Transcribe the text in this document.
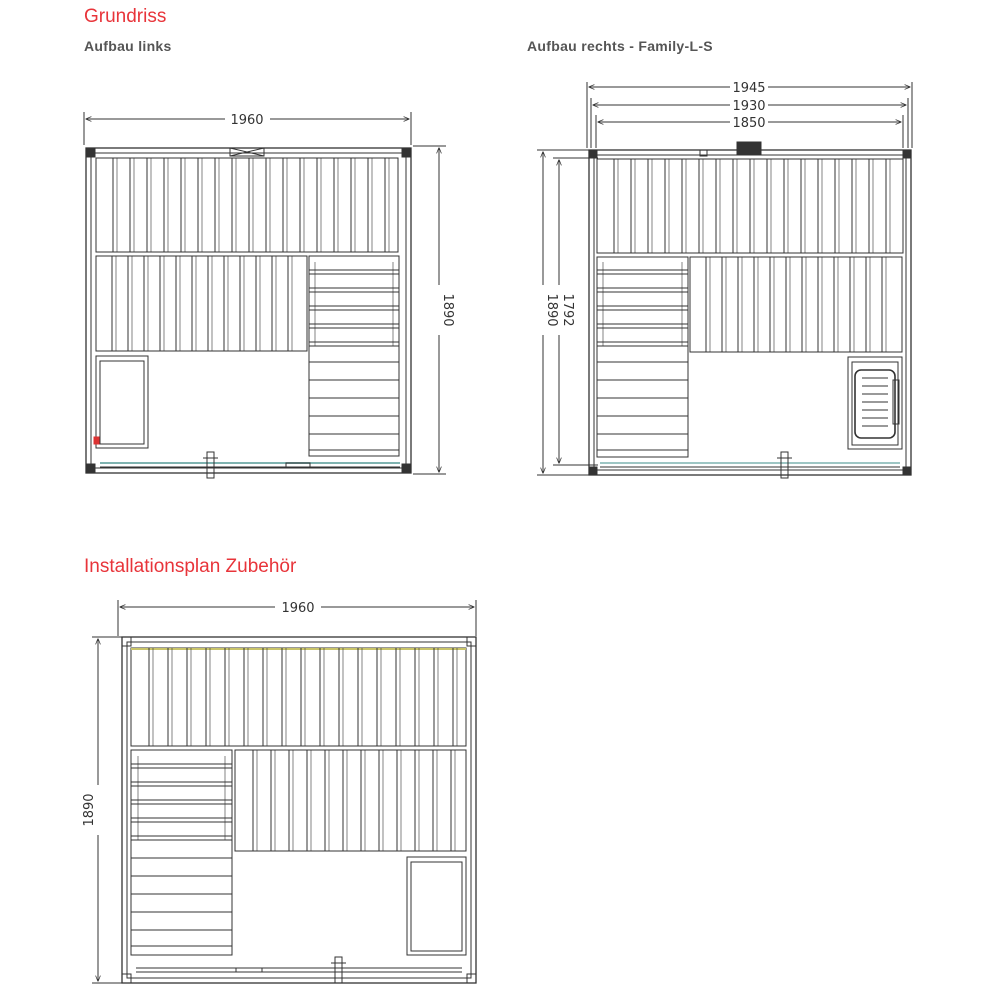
Grundriss
Aufbau links	Aufbau rechts - Family-L-S
Installationsplan Zubehör
1960
1890
1945
1930
1850
1890 1792
1960
1890
